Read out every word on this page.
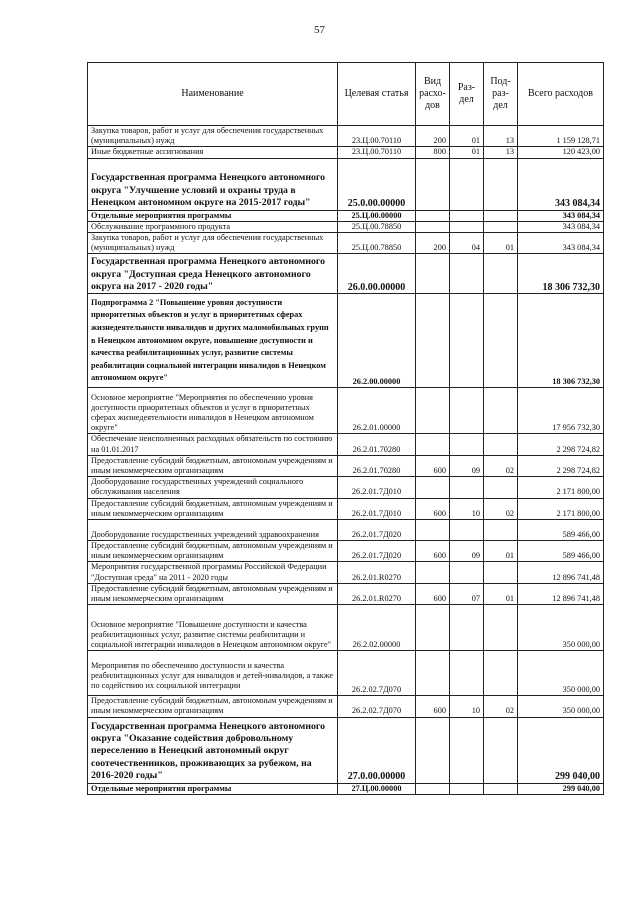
57
Наименование	Целевая статья	Вид расхо-дов	Раз-дел	Под-раз-дел	Всего расходов
Закупка товаров, работ и услуг для обеспечения государственных (муниципальных) нужд	23.Ц.00.70110	200	01	13	1 159 128,71
Иные бюджетные ассигнования	23.Ц.00.70110	800	01	13	120 423,00
Государственная программа Ненецкого автономного округа "Улучшение условий и охраны труда в Ненецком автономном округе на 2015-2017 годы"	25.0.00.00000				343 084,34
Отдельные мероприятия программы	25.Ц.00.00000				343 084,34
Обслуживание программного продукта	25.Ц.00.78850				343 084,34
Закупка товаров, работ и услуг для обеспечения государственных (муниципальных) нужд	25.Ц.00.78850	200	04	01	343 084,34
Государственная программа Ненецкого автономного округа "Доступная среда Ненецкого автономного округа на 2017 - 2020 годы"	26.0.00.00000				18 306 732,30
Подпрограмма 2 "Повышение уровня доступности приоритетных объектов и услуг в приоритетных сферах жизнедеятельности инвалидов и других маломобильных групп в Ненецком автономном округе, повышение доступности и качества реабилитационных услуг, развитие системы реабилитации социальной интеграции инвалидов в Ненецком автономном округе"	26.2.00.00000				18 306 732,30
Основное мероприятие "Мероприятия по обеспечению уровня доступности приоритетных объектов и услуг в приоритетных сферах жизнедеятельности инвалидов в Ненецком автономном округе"	26.2.01.00000				17 956 732,30
Обеспечение неисполненных расходных обязательств по состоянию на 01.01.2017	26.2.01.70280				2 298 724,82
Предоставление субсидий бюджетным, автономным учреждениям и иным некоммерческим организациям	26.2.01.70280	600	09	02	2 298 724,82
Дооборудование государственных учреждений социального обслуживания населения	26.2.01.7Д010				2 171 800,00
Предоставление субсидий бюджетным, автономным учреждениям и иным некоммерческим организациям	26.2.01.7Д010	600	10	02	2 171 800,00
Дооборудование государственных учреждений здравоохранения	26.2.01.7Д020				589 466,00
Предоставление субсидий бюджетным, автономным учреждениям и иным некоммерческим организациям	26.2.01.7Д020	600	09	01	589 466,00
Мероприятия государственной программы Российской Федерации "Доступная среда" на 2011 - 2020 годы	26.2.01.R0270				12 896 741,48
Предоставление субсидий бюджетным, автономным учреждениям и иным некоммерческим организациям	26.2.01.R0270	600	07	01	12 896 741,48
Основное мероприятие "Повышение доступности и качества реабилитационных услуг, развитие системы реабилитации и социальной интеграции инвалидов в Ненецком автономном округе"	26.2.02.00000				350 000,00
Мероприятия по обеспечению доступности и качества реабилитационных услуг для инвалидов и детей-инвалидов, а также по содействию их социальной интеграции	26.2.02.7Д070				350 000,00
Предоставление субсидий бюджетным, автономным учреждениям и иным некоммерческим организациям	26.2.02.7Д070	600	10	02	350 000,00
Государственная программа Ненецкого автономного округа "Оказание содействия добровольному переселению в Ненецкий автономный округ соотечественников, проживающих за рубежом, на 2016-2020 годы"	27.0.00.00000				299 040,00
Отдельные мероприятия программы	27.Ц.00.00000				299 040,00
